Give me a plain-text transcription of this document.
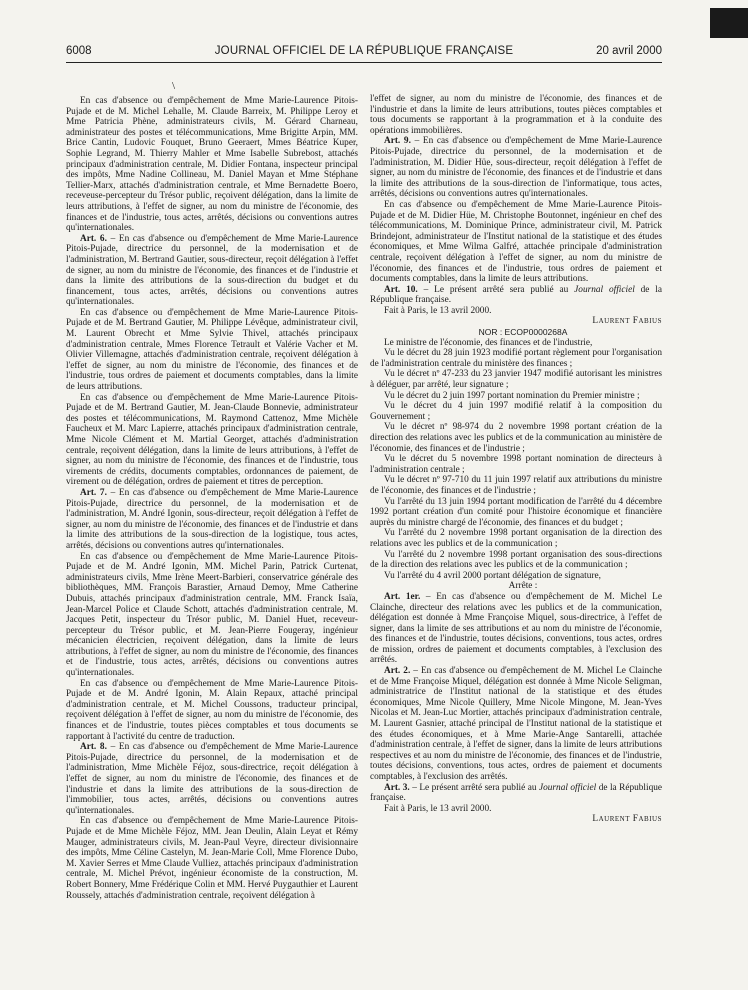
6008	JOURNAL OFFICIEL DE LA RÉPUBLIQUE FRANÇAISE	20 avril 2000
\

En cas d'absence ou d'empêchement de Mme Marie-Laurence Pitois-Pujade et de M. Michel Lehalle, M. Claude Barreix, M. Philippe Leroy et Mme Patricia Phène, administrateurs civils, M. Gérard Charneau, administrateur des postes et télécommunications, Mme Brigitte Arpin, MM. Brice Cantin, Ludovic Fouquet, Bruno Geeraert, Mmes Béatrice Kuper, Sophie Legrand, M. Thierry Mahler et Mme Isabelle Subrebost, attachés principaux d'administration centrale, M. Didier Fontana, inspecteur principal des impôts, Mme Nadine Collineau, M. Daniel Mayan et Mme Stéphane Tellier-Marx, attachés d'administration centrale, et Mme Bernadette Boero, receveuse-percepteur du Trésor public, reçoivent délégation, dans la limite de leurs attributions, à l'effet de signer, au nom du ministre de l'économie, des finances et de l'industrie, tous actes, arrêtés, décisions ou conventions autres qu'internationales.

Art. 6. – En cas d'absence ou d'empêchement de Mme Marie-Laurence Pitois-Pujade, directrice du personnel, de la modernisation et de l'administration, M. Bertrand Gautier, sous-directeur, reçoit délégation à l'effet de signer, au nom du ministre de l'économie, des finances et de l'industrie et dans la limite des attributions de la sous-direction du budget et du financement, tous actes, arrêtés, décisions ou conventions autres qu'internationales.

En cas d'absence ou d'empêchement de Mme Marie-Laurence Pitois-Pujade et de M. Bertrand Gautier, M. Philippe Lévêque, administrateur civil, M. Laurent Obrecht et Mme Sylvie Thivel, attachés principaux d'administration centrale, Mmes Florence Tetrault et Valérie Vacher et M. Olivier Villemagne, attachés d'administration centrale, reçoivent délégation à l'effet de signer, au nom du ministre de l'économie, des finances et de l'industrie, tous ordres de paiement et documents comptables, dans la limite de leurs attributions.

En cas d'absence ou d'empêchement de Mme Marie-Laurence Pitois-Pujade et de M. Bertrand Gautier, M. Jean-Claude Bonnevie, administrateur des postes et télécommunications, M. Raymond Cattenoz, Mme Michèle Faucheux et M. Marc Lapierre, attachés principaux d'administration centrale, Mme Nicole Clément et M. Martial Georget, attachés d'administration centrale, reçoivent délégation, dans la limite de leurs attributions, à l'effet de signer, au nom du ministre de l'économie, des finances et de l'industrie, tous virements de crédits, documents comptables, ordonnances de paiement, de virement ou de délégation, ordres de paiement et titres de perception.

Art. 7. – En cas d'absence ou d'empêchement de Mme Marie-Laurence Pitois-Pujade, directrice du personnel, de la modernisation et de l'administration, M. André Igonin, sous-directeur, reçoit délégation à l'effet de signer, au nom du ministre de l'économie, des finances et de l'industrie et dans la limite des attributions de la sous-direction de la logistique, tous actes, arrêtés, décisions ou conventions autres qu'internationales.

En cas d'absence ou d'empêchement de Mme Marie-Laurence Pitois-Pujade et de M. André Igonin, MM. Michel Parin, Patrick Curtenat, administrateurs civils, Mme Irène Meert-Barbieri, conservatrice générale des bibliothèques, MM. François Barastier, Arnaud Demoy, Mme Catherine Dubuis, attachés principaux d'administration centrale, MM. Franck Isaïa, Jean-Marcel Police et Claude Schott, attachés d'administration centrale, M. Jacques Petit, inspecteur du Trésor public, M. Daniel Huet, receveur-percepteur du Trésor public, et M. Jean-Pierre Fougeray, ingénieur mécanicien électricien, reçoivent délégation, dans la limite de leurs attributions, à l'effet de signer, au nom du ministre de l'économie, des finances et de l'industrie, tous actes, arrêtés, décisions ou conventions autres qu'internationales.

En cas d'absence ou d'empêchement de Mme Marie-Laurence Pitois-Pujade et de M. André Igonin, M. Alain Repaux, attaché principal d'administration centrale, et M. Michel Coussons, traducteur principal, reçoivent délégation à l'effet de signer, au nom du ministre de l'économie, des finances et de l'industrie, toutes pièces comptables et tous documents se rapportant à l'activité du centre de traduction.

Art. 8. – En cas d'absence ou d'empêchement de Mme Marie-Laurence Pitois-Pujade, directrice du personnel, de la modernisation et de l'administration, Mme Michèle Féjoz, sous-directrice, reçoit délégation à l'effet de signer, au nom du ministre de l'économie, des finances et de l'industrie et dans la limite des attributions de la sous-direction de l'immobilier, tous actes, arrêtés, décisions ou conventions autres qu'internationales.

En cas d'absence ou d'empêchement de Mme Marie-Laurence Pitois-Pujade et de Mme Michèle Féjoz, MM. Jean Deulin, Alain Leyat et Rémy Mauger, administrateurs civils, M. Jean-Paul Veyre, directeur divisionnaire des impôts, Mme Céline Castelyn, M. Jean-Marie Coll, Mme Florence Dubo, M. Xavier Serres et Mme Claude Vulliez, attachés principaux d'administration centrale, M. Michel Prévot, ingénieur économiste de la construction, M. Robert Bonnery, Mme Frédérique Colin et MM. Hervé Puygauthier et Laurent Roussely, attachés d'administration centrale, reçoivent délégation à

l'effet de signer, au nom du ministre de l'économie, des finances et de l'industrie et dans la limite de leurs attributions, toutes pièces comptables et tous documents se rapportant à la programmation et à la conduite des opérations immobilières.

Art. 9. – En cas d'absence ou d'empêchement de Mme Marie-Laurence Pitois-Pujade, directrice du personnel, de la modernisation et de l'administration, M. Didier Hüe, sous-directeur, reçoit délégation à l'effet de signer, au nom du ministre de l'économie, des finances et de l'industrie et dans la limite des attributions de la sous-direction de l'informatique, tous actes, arrêtés, décisions ou conventions autres qu'internationales.

En cas d'absence ou d'empêchement de Mme Marie-Laurence Pitois-Pujade et de M. Didier Hüe, M. Christophe Boutonnet, ingénieur en chef des télécommunications, M. Dominique Prince, administrateur civil, M. Patrick Brindejont, administrateur de l'Institut national de la statistique et des études économiques, et Mme Wilma Galfré, attachée principale d'administration centrale, reçoivent délégation à l'effet de signer, au nom du ministre de l'économie, des finances et de l'industrie, tous ordres de paiement et documents comptables, dans la limite de leurs attributions.

Art. 10. – Le présent arrêté sera publié au Journal officiel de la République française.

Fait à Paris, le 13 avril 2000.

Laurent Fabius

NOR : ECOP0000268A

Le ministre de l'économie, des finances et de l'industrie,

Vu le décret du 28 juin 1923 modifié portant règlement pour l'organisation de l'administration centrale du ministère des finances ;

Vu le décret nº 47-233 du 23 janvier 1947 modifié autorisant les ministres à déléguer, par arrêté, leur signature ;

Vu le décret du 2 juin 1997 portant nomination du Premier ministre ;

Vu le décret du 4 juin 1997 modifié relatif à la composition du Gouvernement ;

Vu le décret nº 98-974 du 2 novembre 1998 portant création de la direction des relations avec les publics et de la communication au ministère de l'économie, des finances et de l'industrie ;

Vu le décret du 5 novembre 1998 portant nomination de directeurs à l'administration centrale ;

Vu le décret nº 97-710 du 11 juin 1997 relatif aux attributions du ministre de l'économie, des finances et de l'industrie ;

Vu l'arrêté du 13 juin 1994 portant modification de l'arrêté du 4 décembre 1992 portant création d'un comité pour l'histoire économique et financière auprès du ministre chargé de l'économie, des finances et du budget ;

Vu l'arrêté du 2 novembre 1998 portant organisation de la direction des relations avec les publics et de la communication ;

Vu l'arrêté du 2 novembre 1998 portant organisation des sous-directions de la direction des relations avec les publics et de la communication ;

Vu l'arrêté du 4 avril 2000 portant délégation de signature,

Arrête :

Art. 1er. – En cas d'absence ou d'empêchement de M. Michel Le Clainche, directeur des relations avec les publics et de la communication, délégation est donnée à Mme Françoise Miquel, sous-directrice, à l'effet de signer, dans la limite de ses attributions et au nom du ministre de l'économie, des finances et de l'industrie, toutes décisions, conventions, tous actes, ordres de mission, ordres de paiement et documents comptables, à l'exclusion des arrêtés.

Art. 2. – En cas d'absence ou d'empêchement de M. Michel Le Clainche et de Mme Françoise Miquel, délégation est donnée à Mme Nicole Seligman, administratrice de l'Institut national de la statistique et des études économiques, Mme Nicole Quillery, Mme Nicole Mingone, M. Jean-Yves Nicolas et M. Jean-Luc Mortier, attachés principaux d'administration centrale, M. Laurent Gasnier, attaché principal de l'Institut national de la statistique et des études économiques, et à Mme Marie-Ange Santarelli, attachée d'administration centrale, à l'effet de signer, dans la limite de leurs attributions respectives et au nom du ministre de l'économie, des finances et de l'industrie, toutes décisions, conventions, tous actes, ordres de paiement et documents comptables, à l'exclusion des arrêtés.

Art. 3. – Le présent arrêté sera publié au Journal officiel de la République française.

Fait à Paris, le 13 avril 2000.

Laurent Fabius
